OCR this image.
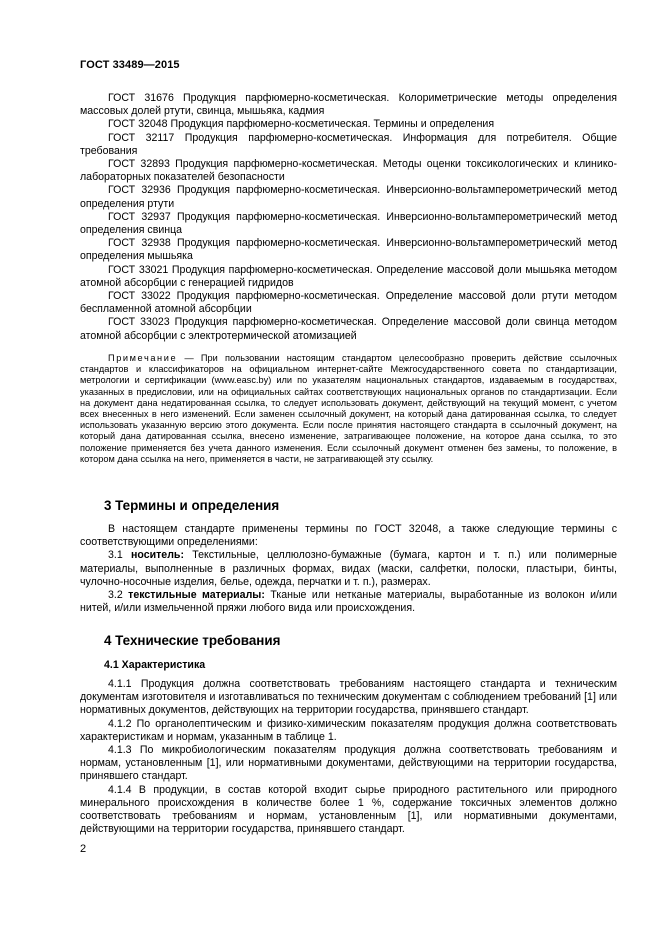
ГОСТ 33489—2015

ГОСТ 31676 Продукция парфюмерно-косметическая. Колориметрические методы определения массовых долей ртути, свинца, мышьяка, кадмия

ГОСТ 32048 Продукция парфюмерно-косметическая. Термины и определения

ГОСТ 32117 Продукция парфюмерно-косметическая. Информация для потребителя. Общие требования

ГОСТ 32893 Продукция парфюмерно-косметическая. Методы оценки токсикологических и клинико-лабораторных показателей безопасности

ГОСТ 32936 Продукция парфюмерно-косметическая. Инверсионно-вольтамперометрический метод определения ртути

ГОСТ 32937 Продукция парфюмерно-косметическая. Инверсионно-вольтамперометрический метод определения свинца

ГОСТ 32938 Продукция парфюмерно-косметическая. Инверсионно-вольтамперометрический метод определения мышьяка

ГОСТ 33021 Продукция парфюмерно-косметическая. Определение массовой доли мышьяка методом атомной абсорбции с генерацией гидридов

ГОСТ 33022 Продукция парфюмерно-косметическая. Определение массовой доли ртути методом беспламенной атомной абсорбции

ГОСТ 33023 Продукция парфюмерно-косметическая. Определение массовой доли свинца методом атомной абсорбции с электротермической атомизацией

Примечание — При пользовании настоящим стандартом целесообразно проверить действие ссылочных стандартов и классификаторов на официальном интернет-сайте Межгосударственного совета по стандартизации, метрологии и сертификации (www.easc.by) или по указателям национальных стандартов, издаваемым в государствах, указанных в предисловии, или на официальных сайтах соответствующих национальных органов по стандартизации. Если на документ дана недатированная ссылка, то следует использовать документ, действующий на текущий момент, с учетом всех внесенных в него изменений. Если заменен ссылочный документ, на который дана датированная ссылка, то следует использовать указанную версию этого документа. Если после принятия настоящего стандарта в ссылочный документ, на который дана датированная ссылка, внесено изменение, затрагивающее положение, на которое дана ссылка, то это положение применяется без учета данного изменения. Если ссылочный документ отменен без замены, то положение, в котором дана ссылка на него, применяется в части, не затрагивающей эту ссылку.

3 Термины и определения

В настоящем стандарте применены термины по ГОСТ 32048, а также следующие термины с соответствующими определениями:

3.1 носитель: Текстильные, целлюлозно-бумажные (бумага, картон и т. п.) или полимерные материалы, выполненные в различных формах, видах (маски, салфетки, полоски, пластыри, бинты, чулочно-носочные изделия, белье, одежда, перчатки и т. п.), размерах.

3.2 текстильные материалы: Тканые или нетканые материалы, выработанные из волокон и/или нитей, и/или измельченной пряжи любого вида или происхождения.

4 Технические требования
4.1 Характеристика

4.1.1 Продукция должна соответствовать требованиям настоящего стандарта и техническим документам изготовителя и изготавливаться по техническим документам с соблюдением требований [1] или нормативных документов, действующих на территории государства, принявшего стандарт.

4.1.2 По органолептическим и физико-химическим показателям продукция должна соответствовать характеристикам и нормам, указанным в таблице 1.

4.1.3 По микробиологическим показателям продукция должна соответствовать требованиям и нормам, установленным [1], или нормативными документами, действующими на территории государства, принявшего стандарт.

4.1.4 В продукции, в состав которой входит сырье природного растительного или природного минерального происхождения в количестве более 1 %, содержание токсичных элементов должно соответствовать требованиям и нормам, установленным [1], или нормативными документами, действующими на территории государства, принявшего стандарт.

2
